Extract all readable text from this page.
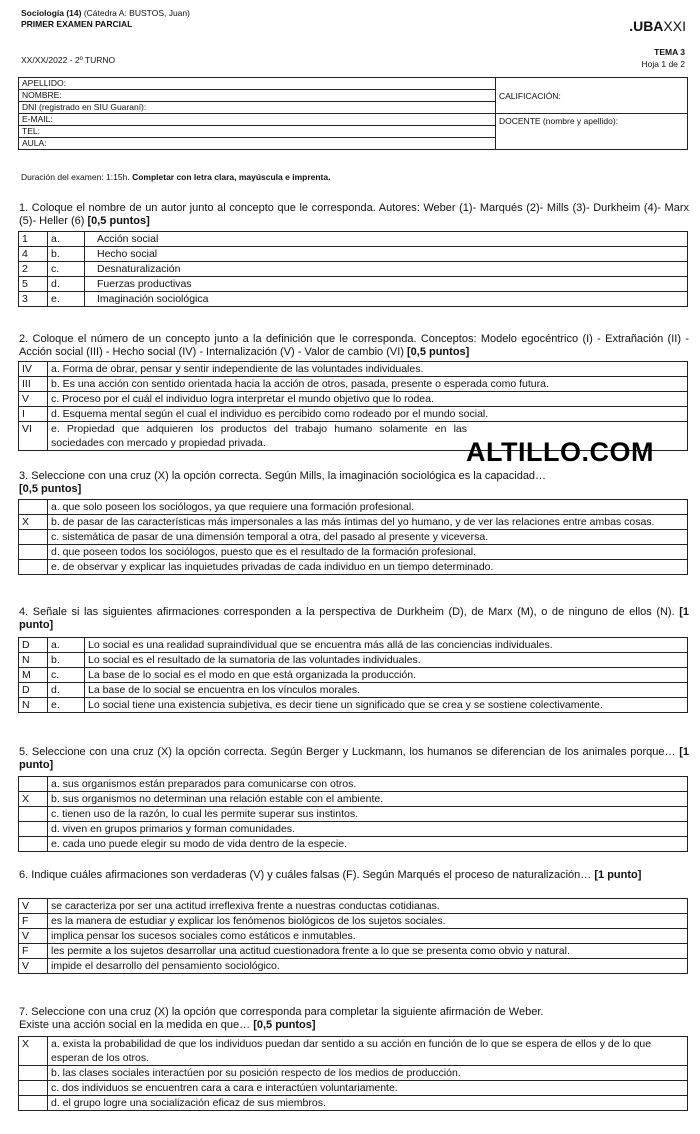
Sociología (14) (Cátedra A: BUSTOS, Juan)
PRIMER EXAMEN PARCIAL	.UBAXXI
XX/XX/2022 - 2º TURNO
TEMA 3
Hoja 1 de 2
APELLIDO:	CALIFICACIÓN:
NOMBRE:	
DNI (registrado en SIU Guaraní):	
E-MAIL:	DOCENTE (nombre y apellido):
TEL:	
AULA:	
Duración del examen: 1:15h. Completar con letra clara, mayúscula e imprenta.
1. Coloque el nombre de un autor junto al concepto que le corresponda. Autores: Weber (1)- Marqués (2)- Mills (3)- Durkheim (4)- Marx (5)- Heller (6) [0,5 puntos]
1	a.	Acción social
4	b.	Hecho social
2	c.	Desnaturalización
5	d.	Fuerzas productivas
3	e.	Imaginación sociológica
2. Coloque el número de un concepto junto a la definición que le corresponda. Conceptos: Modelo egocéntrico (I) - Extrañación (II) - Acción social (III) - Hecho social (IV) - Internalización (V) - Valor de cambio (VI) [0,5 puntos]
IV	a. Forma de obrar, pensar y sentir independiente de las voluntades individuales.
III	b. Es una acción con sentido orientada hacia la acción de otros, pasada, presente o esperada como futura.
V	c. Proceso por el cuál el individuo logra interpretar el mundo objetivo que lo rodea.
I	d. Esquema mental según el cual el individuo es percibido como rodeado por el mundo social.
VI	e. Propiedad que adquieren los productos del trabajo humano solamente en las sociedades con mercado y propiedad privada.	ALTILLO.COM
3. Seleccione con una cruz (X) la opción correcta. Según Mills, la imaginación sociológica es la capacidad…
[0,5 puntos]
	a. que solo poseen los sociólogos, ya que requiere una formación profesional.
X	b. de pasar de las características más impersonales a las más íntimas del yo humano, y de ver las relaciones entre ambas cosas.
	c. sistemática de pasar de una dimensión temporal a otra, del pasado al presente y viceversa.
	d. que poseen todos los sociólogos, puesto que es el resultado de la formación profesional.
	e. de observar y explicar las inquietudes privadas de cada individuo en un tiempo determinado.
4. Señale si las siguientes afirmaciones corresponden a la perspectiva de Durkheim (D), de Marx (M), o de ninguno de ellos (N). [1 punto]
D	a.	Lo social es una realidad supraindividual que se encuentra más allá de las conciencias individuales.
N	b.	Lo social es el resultado de la sumatoria de las voluntades individuales.
M	c.	La base de lo social es el modo en que está organizada la producción.
D	d.	La base de lo social se encuentra en los vínculos morales.
N	e.	Lo social tiene una existencia subjetiva, es decir tiene un significado que se crea y se sostiene colectivamente.
5. Seleccione con una cruz (X) la opción correcta. Según Berger y Luckmann, los humanos se diferencian de los animales porque… [1 punto]
	a. sus organismos están preparados para comunicarse con otros.
X	b. sus organismos no determinan una relación estable con el ambiente.
	c. tienen uso de la razón, lo cual les permite superar sus instintos.
	d. viven en grupos primarios y forman comunidades.
	e. cada uno puede elegir su modo de vida dentro de la especie.
6. Indique cuáles afirmaciones son verdaderas (V) y cuáles falsas (F). Según Marqués el proceso de naturalización… [1 punto]
V	se caracteriza por ser una actitud irreflexiva frente a nuestras conductas cotidianas.
F	es la manera de estudiar y explicar los fenómenos biológicos de los sujetos sociales.
V	implica pensar los sucesos sociales como estáticos e inmutables.
F	les permite a los sujetos desarrollar una actitud cuestionadora frente a lo que se presenta como obvio y natural.
V	impide el desarrollo del pensamiento sociológico.
7. Seleccione con una cruz (X) la opción que corresponda para completar la siguiente afirmación de Weber.
Existe una acción social en la medida en que… [0,5 puntos]
X	a. exista la probabilidad de que los individuos puedan dar sentido a su acción en función de lo que se espera de ellos y de lo que esperan de los otros.
	b. las clases sociales interactúen por su posición respecto de los medios de producción.
	c. dos individuos se encuentren cara a cara e interactúen voluntariamente.
	d. el grupo logre una socialización eficaz de sus miembros.
